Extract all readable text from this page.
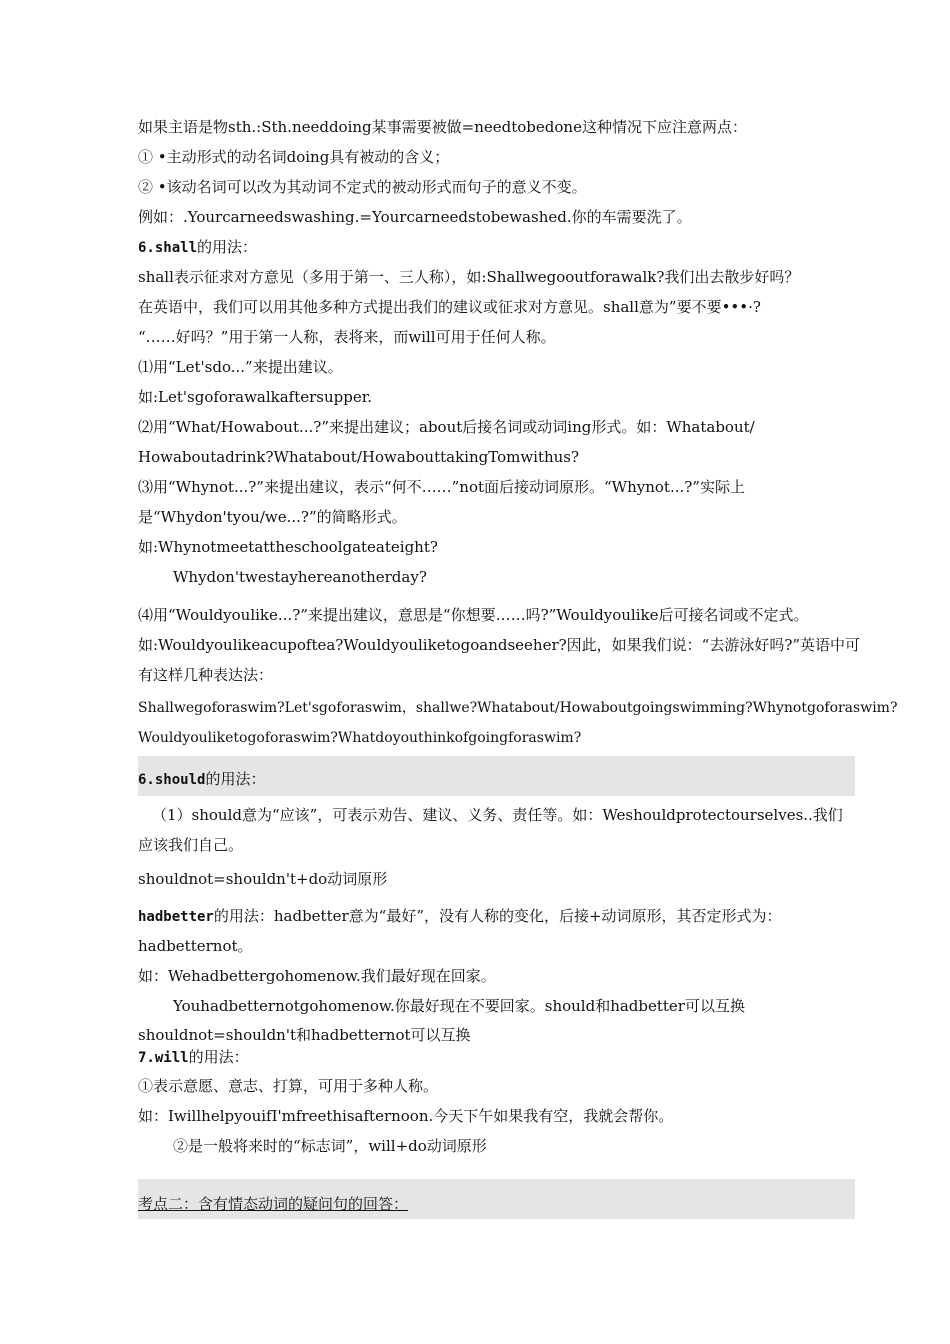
如果主语是物sth.:Sth.needdoing某事需要被做=needtobedone这种情况下应注意两点：
① •主动形式的动名词doing具有被动的含义；
② •该动名词可以改为其动词不定式的被动形式而句子的意义不变。
例如：.Yourcarneedswashing.=Yourcarneedstobewashed.你的车需要洗了。
6.shall的用法：
shall表示征求对方意见（多用于第一、三人称），如:Shallwegooutforawalk?我们出去散步好吗？
在英语中，我们可以用其他多种方式提出我们的建议或征求对方意见。shall意为”要不要•••·?
“……好吗？”用于第一人称，表将来，而will可用于任何人称。
⑴用“Let'sdo...”来提出建议。
如:Let'sgoforawalkaftersupper.
⑵用“What/Howabout...?”来提出建议；about后接名词或动词ing形式。如：Whatabout/
Howaboutadrink?Whatabout/HowabouttakingTomwithus?
⑶用“Whynot...?”来提出建议，表示“何不……”not面后接动词原形。“Whynot...?”实际上
是“Whydon'tyou/we...?”的简略形式。
如:Whynotmeetattheschoolgateateight?
Whydon'twestayhereanotherday?
⑷用“Wouldyoulike...?”来提出建议，意思是“你想要……吗?”Wouldyoulike后可接名词或不定式。
如:Wouldyoulikeacupoftea?Wouldyouliketogoandseeher?因此，如果我们说：“去游泳好吗?”英语中可
有这样几种表达法：
Shallwegoforaswim?Let'sgoforaswim，shallwe?Whatabout/Howaboutgoingswimming?Whynotgoforaswim?
Wouldyouliketogoforaswim?Whatdoyouthinkofgoingforaswim?
6.should的用法：
（1）should意为“应该”，可表示劝告、建议、义务、责任等。如：Weshouldprotectourselves..我们
应该我们自己。
shouldnot=shouldn't+do动词原形
hadbetter的用法：hadbetter意为“最好”，没有人称的变化，后接+动词原形，其否定形式为：
hadbetternot。
如：Wehadbettergohomenow.我们最好现在回家。
Youhadbetternotgohomenow.你最好现在不要回家。should和hadbetter可以互换
shouldnot=shouldn't和hadbetternot可以互换
7.will的用法：
①表示意愿、意志、打算，可用于多种人称。
如：IwillhelpyouifI'mfreethisafternoon.今天下午如果我有空，我就会帮你。
②是一般将来时的“标志词”，will+do动词原形
考点二：含有情态动词的疑问句的回答：
